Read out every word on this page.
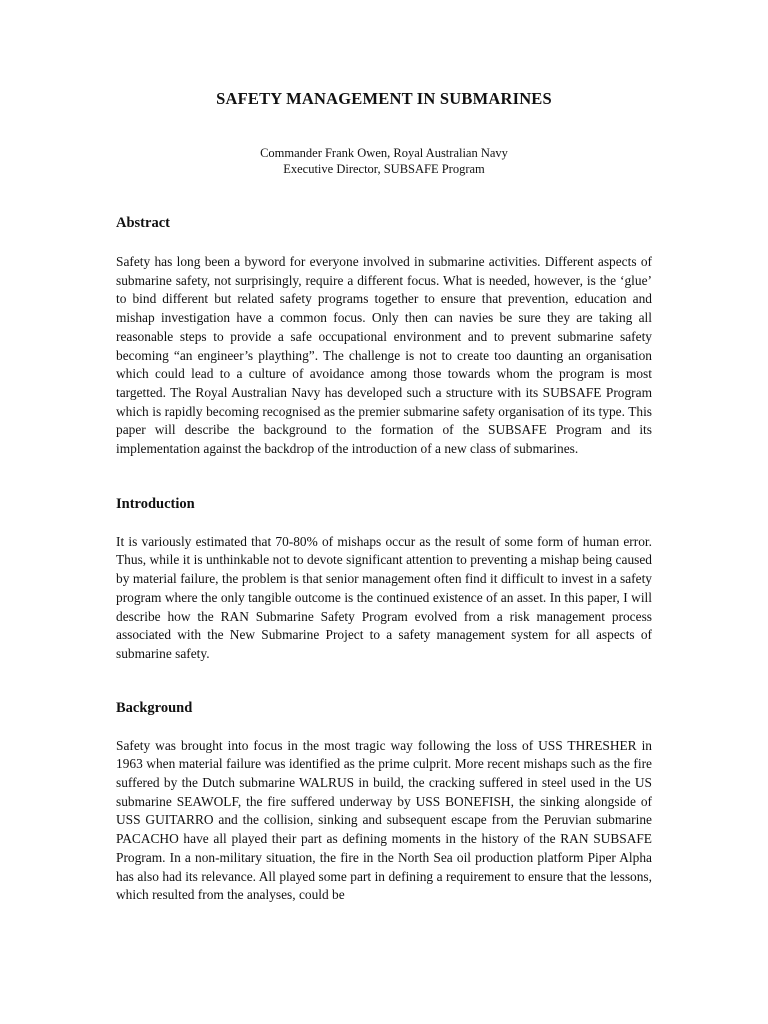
SAFETY MANAGEMENT IN SUBMARINES
Commander Frank Owen, Royal Australian Navy
Executive Director, SUBSAFE Program
Abstract

Safety has long been a byword for everyone involved in submarine activities. Different aspects of submarine safety, not surprisingly, require a different focus. What is needed, however, is the ‘glue’ to bind different but related safety programs together to ensure that prevention, education and mishap investigation have a common focus. Only then can navies be sure they are taking all reasonable steps to provide a safe occupational environment and to prevent submarine safety becoming “an engineer’s plaything”. The challenge is not to create too daunting an organisation which could lead to a culture of avoidance among those towards whom the program is most targetted. The Royal Australian Navy has developed such a structure with its SUBSAFE Program which is rapidly becoming recognised as the premier submarine safety organisation of its type. This paper will describe the background to the formation of the SUBSAFE Program and its implementation against the backdrop of the introduction of a new class of submarines.

Introduction

It is variously estimated that 70-80% of mishaps occur as the result of some form of human error. Thus, while it is unthinkable not to devote significant attention to preventing a mishap being caused by material failure, the problem is that senior management often find it difficult to invest in a safety program where the only tangible outcome is the continued existence of an asset. In this paper, I will describe how the RAN Submarine Safety Program evolved from a risk management process associated with the New Submarine Project to a safety management system for all aspects of submarine safety.

Background

Safety was brought into focus in the most tragic way following the loss of USS THRESHER in 1963 when material failure was identified as the prime culprit. More recent mishaps such as the fire suffered by the Dutch submarine WALRUS in build, the cracking suffered in steel used in the US submarine SEAWOLF, the fire suffered underway by USS BONEFISH, the sinking alongside of USS GUITARRO and the collision, sinking and subsequent escape from the Peruvian submarine PACACHO have all played their part as defining moments in the history of the RAN SUBSAFE Program. In a non-military situation, the fire in the North Sea oil production platform Piper Alpha has also had its relevance. All played some part in defining a requirement to ensure that the lessons, which resulted from the analyses, could be
